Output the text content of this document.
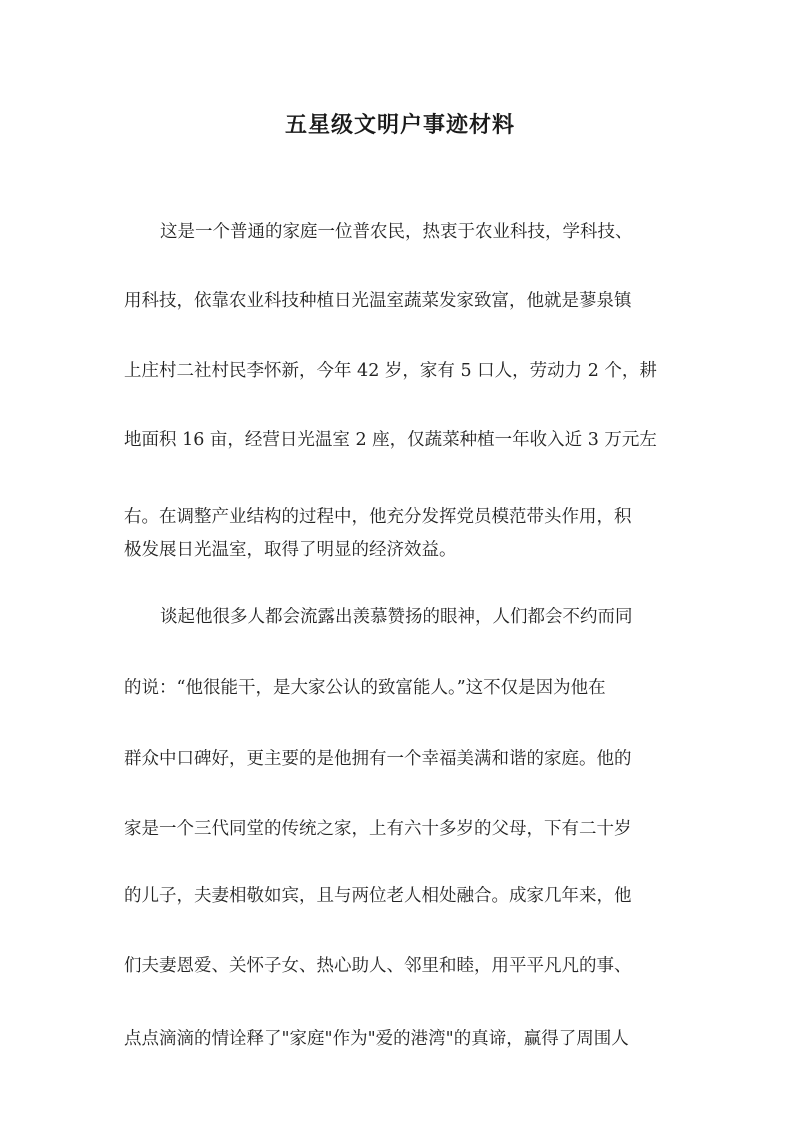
五星级文明户事迹材料
这是一个普通的家庭一位普农民，热衷于农业科技，学科技、
用科技，依靠农业科技种植日光温室蔬菜发家致富，他就是蓼泉镇
上庄村二社村民李怀新，今年 42 岁，家有 5 口人，劳动力 2 个，耕
地面积 16 亩，经营日光温室 2 座，仅蔬菜种植一年收入近 3 万元左
右。在调整产业结构的过程中，他充分发挥党员模范带头作用，积
极发展日光温室，取得了明显的经济效益。
谈起他很多人都会流露出羡慕赞扬的眼神，人们都会不约而同
的说：“他很能干，是大家公认的致富能人。”这不仅是因为他在
群众中口碑好，更主要的是他拥有一个幸福美满和谐的家庭。他的
家是一个三代同堂的传统之家，上有六十多岁的父母，下有二十岁
的儿子，夫妻相敬如宾，且与两位老人相处融合。成家几年来，他
们夫妻恩爱、关怀子女、热心助人、邻里和睦，用平平凡凡的事、
点点滴滴的情诠释了"家庭"作为"爱的港湾"的真谛，赢得了周围人
